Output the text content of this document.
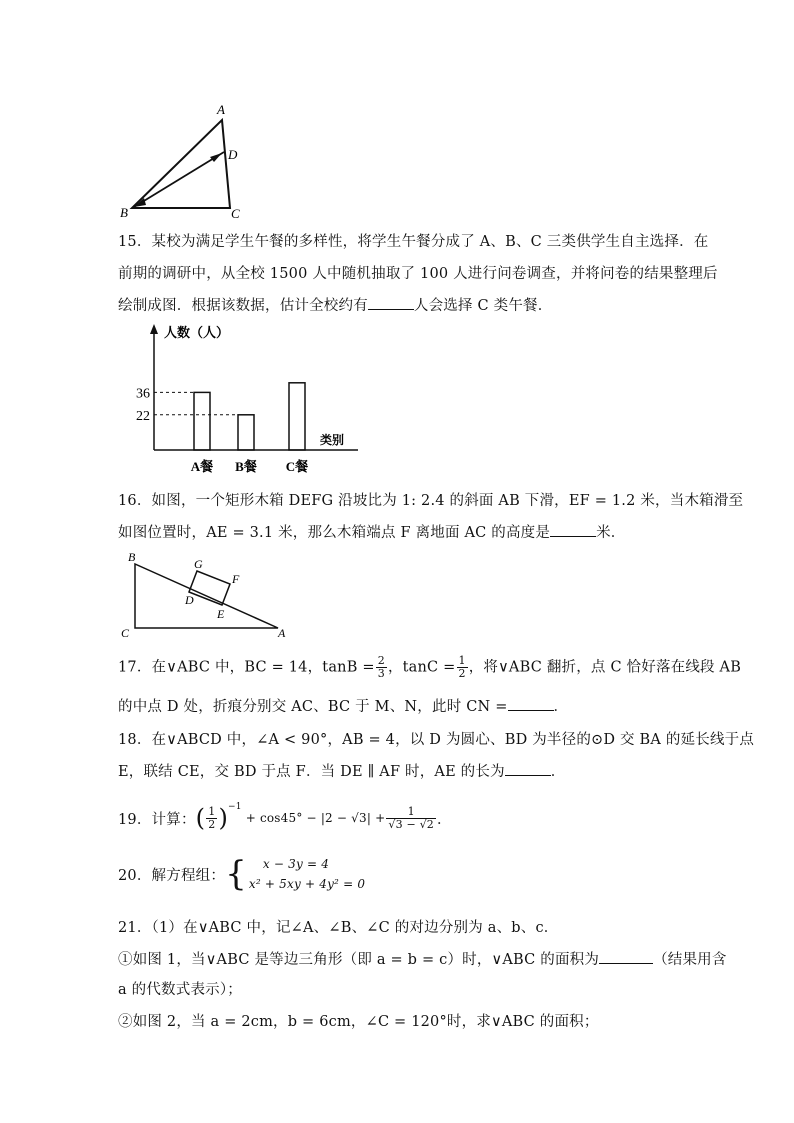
A
D
B	C
15．某校为满足学生午餐的多样性，将学生午餐分成了 A、B、C 三类供学生自主选择．在
前期的调研中，从全校 1500 人中随机抽取了 100 人进行问卷调查，并将问卷的结果整理后
绘制成图．根据该数据，估计全校约有	人会选择 C 类午餐．
人数（人）
类别
A餐 B餐 C餐
36
22
16．如图，一个矩形木箱 DEFG 沿坡比为 1: 2.4 的斜面 AB 下滑，EF = 1.2 米，当木箱滑至
如图位置时，AE = 3.1 米，那么木箱端点 F 离地面 AC 的高度是	米．
B
C	A
G
F
D
E
17．在∨ABC 中，BC = 14，$\tan B = \frac{2}{3}$ ，$\tan C = \frac{1}{2}$ ，将∨ABC 翻折，点 C 恰好落在线段 AB
的中点 D 处，折痕分别交 AC、BC 于 M、N，此时 CN =	．
18．在∨ABCD 中，∠A < 90°，AB = 4，以 D 为圆心、BD 为半径的⊙D 交 BA 的延长线于点
E，联结 CE，交 BD 于点 F．当 DE ∥ AF 时，AE 的长为	．
19．计算： ( $\frac{1}{2} )^{-1}$
+ $\cos 45^\circ - |2 - √3| + \frac{1}{√3 - √2}$ ．
20．解方程组： {	x − 3y = 4
x² + 5xy + 4y² = 0
21．（1）在∨ABC 中，记∠A、∠B、∠C 的对边分别为 a、b、c．
①如图 1，当∨ABC 是等边三角形（即 a = b = c）时，∨ABC 的面积为	（结果用含
a 的代数式表示）；
②如图 2，当 a = 2cm，b = 6cm，∠C = 120°时，求∨ABC 的面积；
